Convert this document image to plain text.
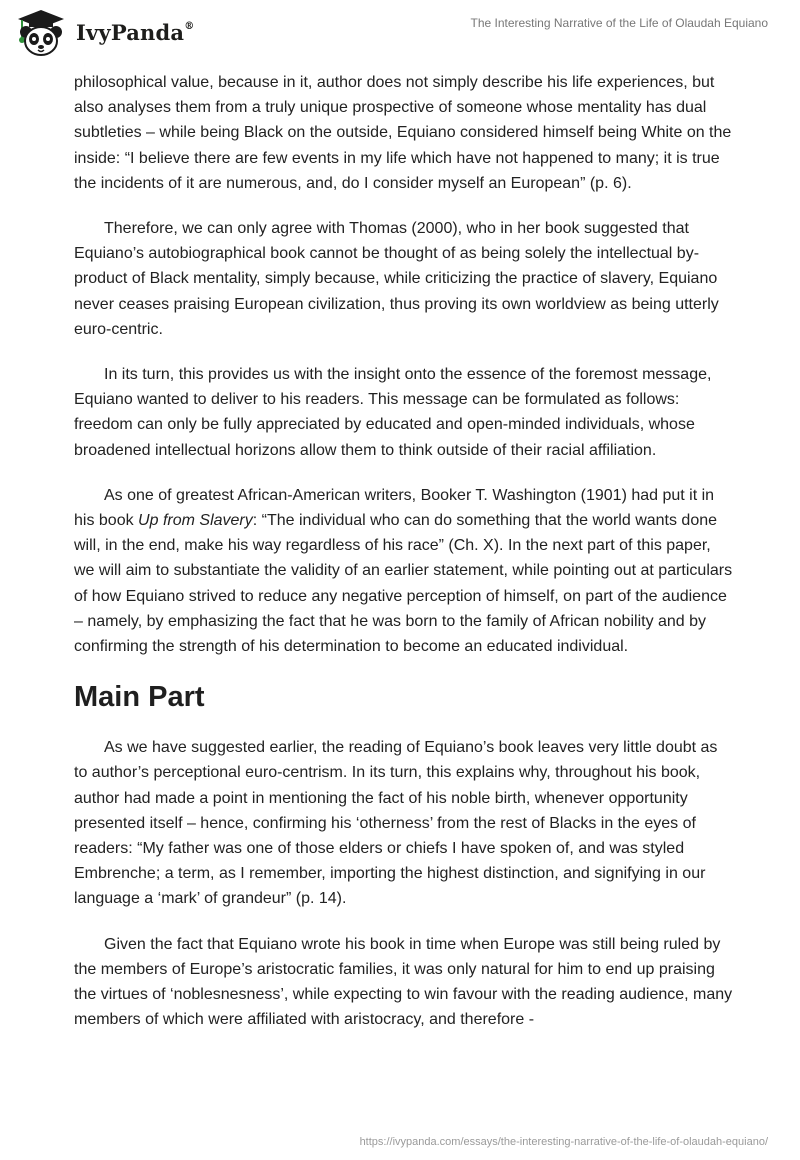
IvyPanda®	The Interesting Narrative of the Life of Olaudah Equiano

philosophical value, because in it, author does not simply describe his life experiences, but also analyses them from a truly unique prospective of someone whose mentality has dual subtleties – while being Black on the outside, Equiano considered himself being White on the inside: “I believe there are few events in my life which have not happened to many; it is true the incidents of it are numerous, and, do I consider myself an European” (p. 6).

Therefore, we can only agree with Thomas (2000), who in her book suggested that Equiano’s autobiographical book cannot be thought of as being solely the intellectual by-product of Black mentality, simply because, while criticizing the practice of slavery, Equiano never ceases praising European civilization, thus proving its own worldview as being utterly euro-centric.

In its turn, this provides us with the insight onto the essence of the foremost message, Equiano wanted to deliver to his readers. This message can be formulated as follows: freedom can only be fully appreciated by educated and open-minded individuals, whose broadened intellectual horizons allow them to think outside of their racial affiliation.

As one of greatest African-American writers, Booker T. Washington (1901) had put it in his book Up from Slavery: “The individual who can do something that the world wants done will, in the end, make his way regardless of his race” (Ch. X). In the next part of this paper, we will aim to substantiate the validity of an earlier statement, while pointing out at particulars of how Equiano strived to reduce any negative perception of himself, on part of the audience – namely, by emphasizing the fact that he was born to the family of African nobility and by confirming the strength of his determination to become an educated individual.

Main Part

As we have suggested earlier, the reading of Equiano’s book leaves very little doubt as to author’s perceptional euro-centrism. In its turn, this explains why, throughout his book, author had made a point in mentioning the fact of his noble birth, whenever opportunity presented itself – hence, confirming his ‘otherness’ from the rest of Blacks in the eyes of readers: “My father was one of those elders or chiefs I have spoken of, and was styled Embrenche; a term, as I remember, importing the highest distinction, and signifying in our language a ‘mark’ of grandeur” (p. 14).

Given the fact that Equiano wrote his book in time when Europe was still being ruled by the members of Europe’s aristocratic families, it was only natural for him to end up praising the virtues of ‘noblesnesness’, while expecting to win favour with the reading audience, many members of which were affiliated with aristocracy, and therefore -

https://ivypanda.com/essays/the-interesting-narrative-of-the-life-of-olaudah-equiano/
